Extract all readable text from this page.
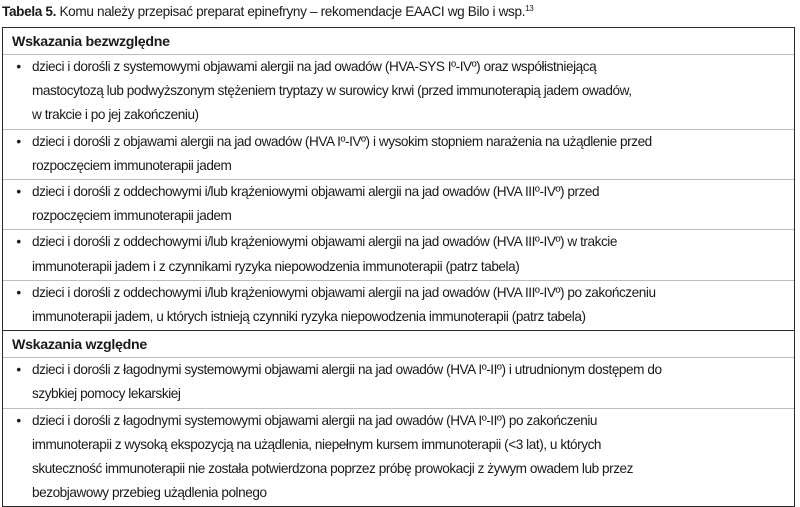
Tabela 5. Komu należy przepisać preparat epinefryny – rekomendacje EAACI wg Bilo i wsp.$^{13}$
Wskazania bezwzględne
• dzieci i dorośli z systemowymi objawami alergii na jad owadów (HVA-SYS Iº-IVº) oraz współistniejącą
mastocytozą lub podwyższonym stężeniem tryptazy w surowicy krwi (przed immunoterapią jadem owadów,
w trakcie i po jej zakończeniu)
• dzieci i dorośli z objawami alergii na jad owadów (HVA Iº-IVº) i wysokim stopniem narażenia na użądlenie przed
rozpoczęciem immunoterapii jadem
• dzieci i dorośli z oddechowymi i/lub krążeniowymi objawami alergii na jad owadów (HVA IIIº-IVº) przed
rozpoczęciem immunoterapii jadem
• dzieci i dorośli z oddechowymi i/lub krążeniowymi objawami alergii na jad owadów (HVA IIIº-IVº) w trakcie
immunoterapii jadem i z czynnikami ryzyka niepowodzenia immunoterapii (patrz tabela)
• dzieci i dorośli z oddechowymi i/lub krążeniowymi objawami alergii na jad owadów (HVA IIIº-IVº) po zakończeniu
immunoterapii jadem, u których istnieją czynniki ryzyka niepowodzenia immunoterapii (patrz tabela)
Wskazania względne
• dzieci i dorośli z łagodnymi systemowymi objawami alergii na jad owadów (HVA Iº-IIº) i utrudnionym dostępem do
szybkiej pomocy lekarskiej
• dzieci i dorośli z łagodnymi systemowymi objawami alergii na jad owadów (HVA Iº-IIº) po zakończeniu
immunoterapii z wysoką ekspozycją na użądlenia, niepełnym kursem immunoterapii (<3 lat), u których
skuteczność immunoterapii nie została potwierdzona poprzez próbę prowokacji z żywym owadem lub przez
bezobjawowy przebieg użądlenia polnego
